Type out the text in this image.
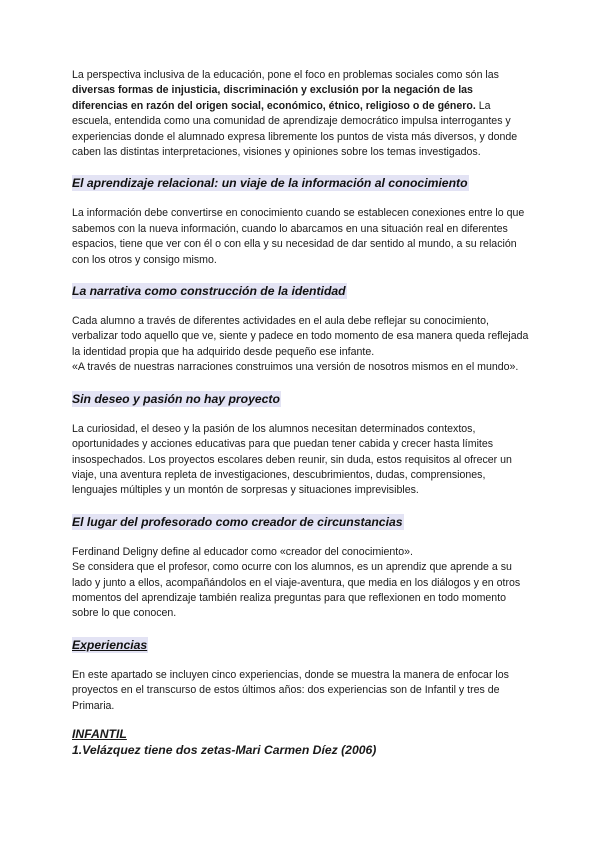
La perspectiva inclusiva de la educación, pone el foco en problemas sociales como són las diversas formas de injusticia, discriminación y exclusión por la negación de las diferencias en razón del origen social, económico, étnico, religioso o de género. La escuela, entendida como una comunidad de aprendizaje democrático impulsa interrogantes y experiencias donde el alumnado expresa libremente los puntos de vista más diversos, y donde caben las distintas interpretaciones, visiones y opiniones sobre los temas investigados.

El aprendizaje relacional: un viaje de la información al conocimiento

La información debe convertirse en conocimiento cuando se establecen conexiones entre lo que sabemos con la nueva información, cuando lo abarcamos en una situación real en diferentes espacios, tiene que ver con él o con ella y su necesidad de dar sentido al mundo, a su relación con los otros y consigo mismo.

La narrativa como construcción de la identidad

Cada alumno a través de diferentes actividades en el aula debe reflejar su conocimiento, verbalizar todo aquello que ve, siente y padece en todo momento de esa manera queda reflejada la identidad propia que ha adquirido desde pequeño ese infante.

«A través de nuestras narraciones construimos una versión de nosotros mismos en el mundo».

Sin deseo y pasión no hay proyecto

La curiosidad, el deseo y la pasión de los alumnos necesitan determinados contextos, oportunidades y acciones educativas para que puedan tener cabida y crecer hasta límites insospechados. Los proyectos escolares deben reunir, sin duda, estos requisitos al ofrecer un viaje, una aventura repleta de investigaciones, descubrimientos, dudas, comprensiones, lenguajes múltiples y un montón de sorpresas y situaciones imprevisibles.

El lugar del profesorado como creador de circunstancias

Ferdinand Deligny define al educador como «creador del conocimiento».

Se considera que el profesor, como ocurre con los alumnos, es un aprendiz que aprende a su lado y junto a ellos, acompañándolos en el viaje-aventura, que media en los diálogos y en otros momentos del aprendizaje también realiza preguntas para que reflexionen en todo momento sobre lo que conocen.

Experiencias

En este apartado se incluyen cinco experiencias, donde se muestra la manera de enfocar los proyectos en el transcurso de estos últimos años: dos experiencias son de Infantil y tres de Primaria.

INFANTIL
1.Velázquez tiene dos zetas-Mari Carmen Díez (2006)
